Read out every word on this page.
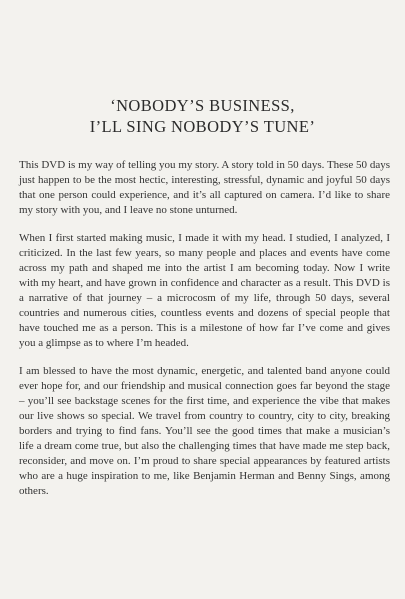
‘NOBODY’S BUSINESS,
I’LL SING NOBODY’S TUNE’

This DVD is my way of telling you my story. A story told in 50 days. These 50 days just happen to be the most hectic, interesting, stressful, dynamic and joyful 50 days that one person could experience, and it’s all captured on camera. I’d like to share my story with you, and I leave no stone unturned.

When I first started making music, I made it with my head. I studied, I analyzed, I criticized. In the last few years, so many people and places and events have come across my path and shaped me into the artist I am becoming today. Now I write with my heart, and have grown in confidence and character as a result. This DVD is a narrative of that journey – a microcosm of my life, through 50 days, several countries and numerous cities, countless events and dozens of special people that have touched me as a person. This is a milestone of how far I’ve come and gives you a glimpse as to where I’m headed.

I am blessed to have the most dynamic, energetic, and talented band anyone could ever hope for, and our friendship and musical connection goes far beyond the stage – you’ll see backstage scenes for the first time, and experience the vibe that makes our live shows so special. We travel from country to country, city to city, breaking borders and trying to find fans. You’ll see the good times that make a musician’s life a dream come true, but also the challenging times that have made me step back, reconsider, and move on. I’m proud to share special appearances by featured artists who are a huge inspiration to me, like Benjamin Herman and Benny Sings, among others.
